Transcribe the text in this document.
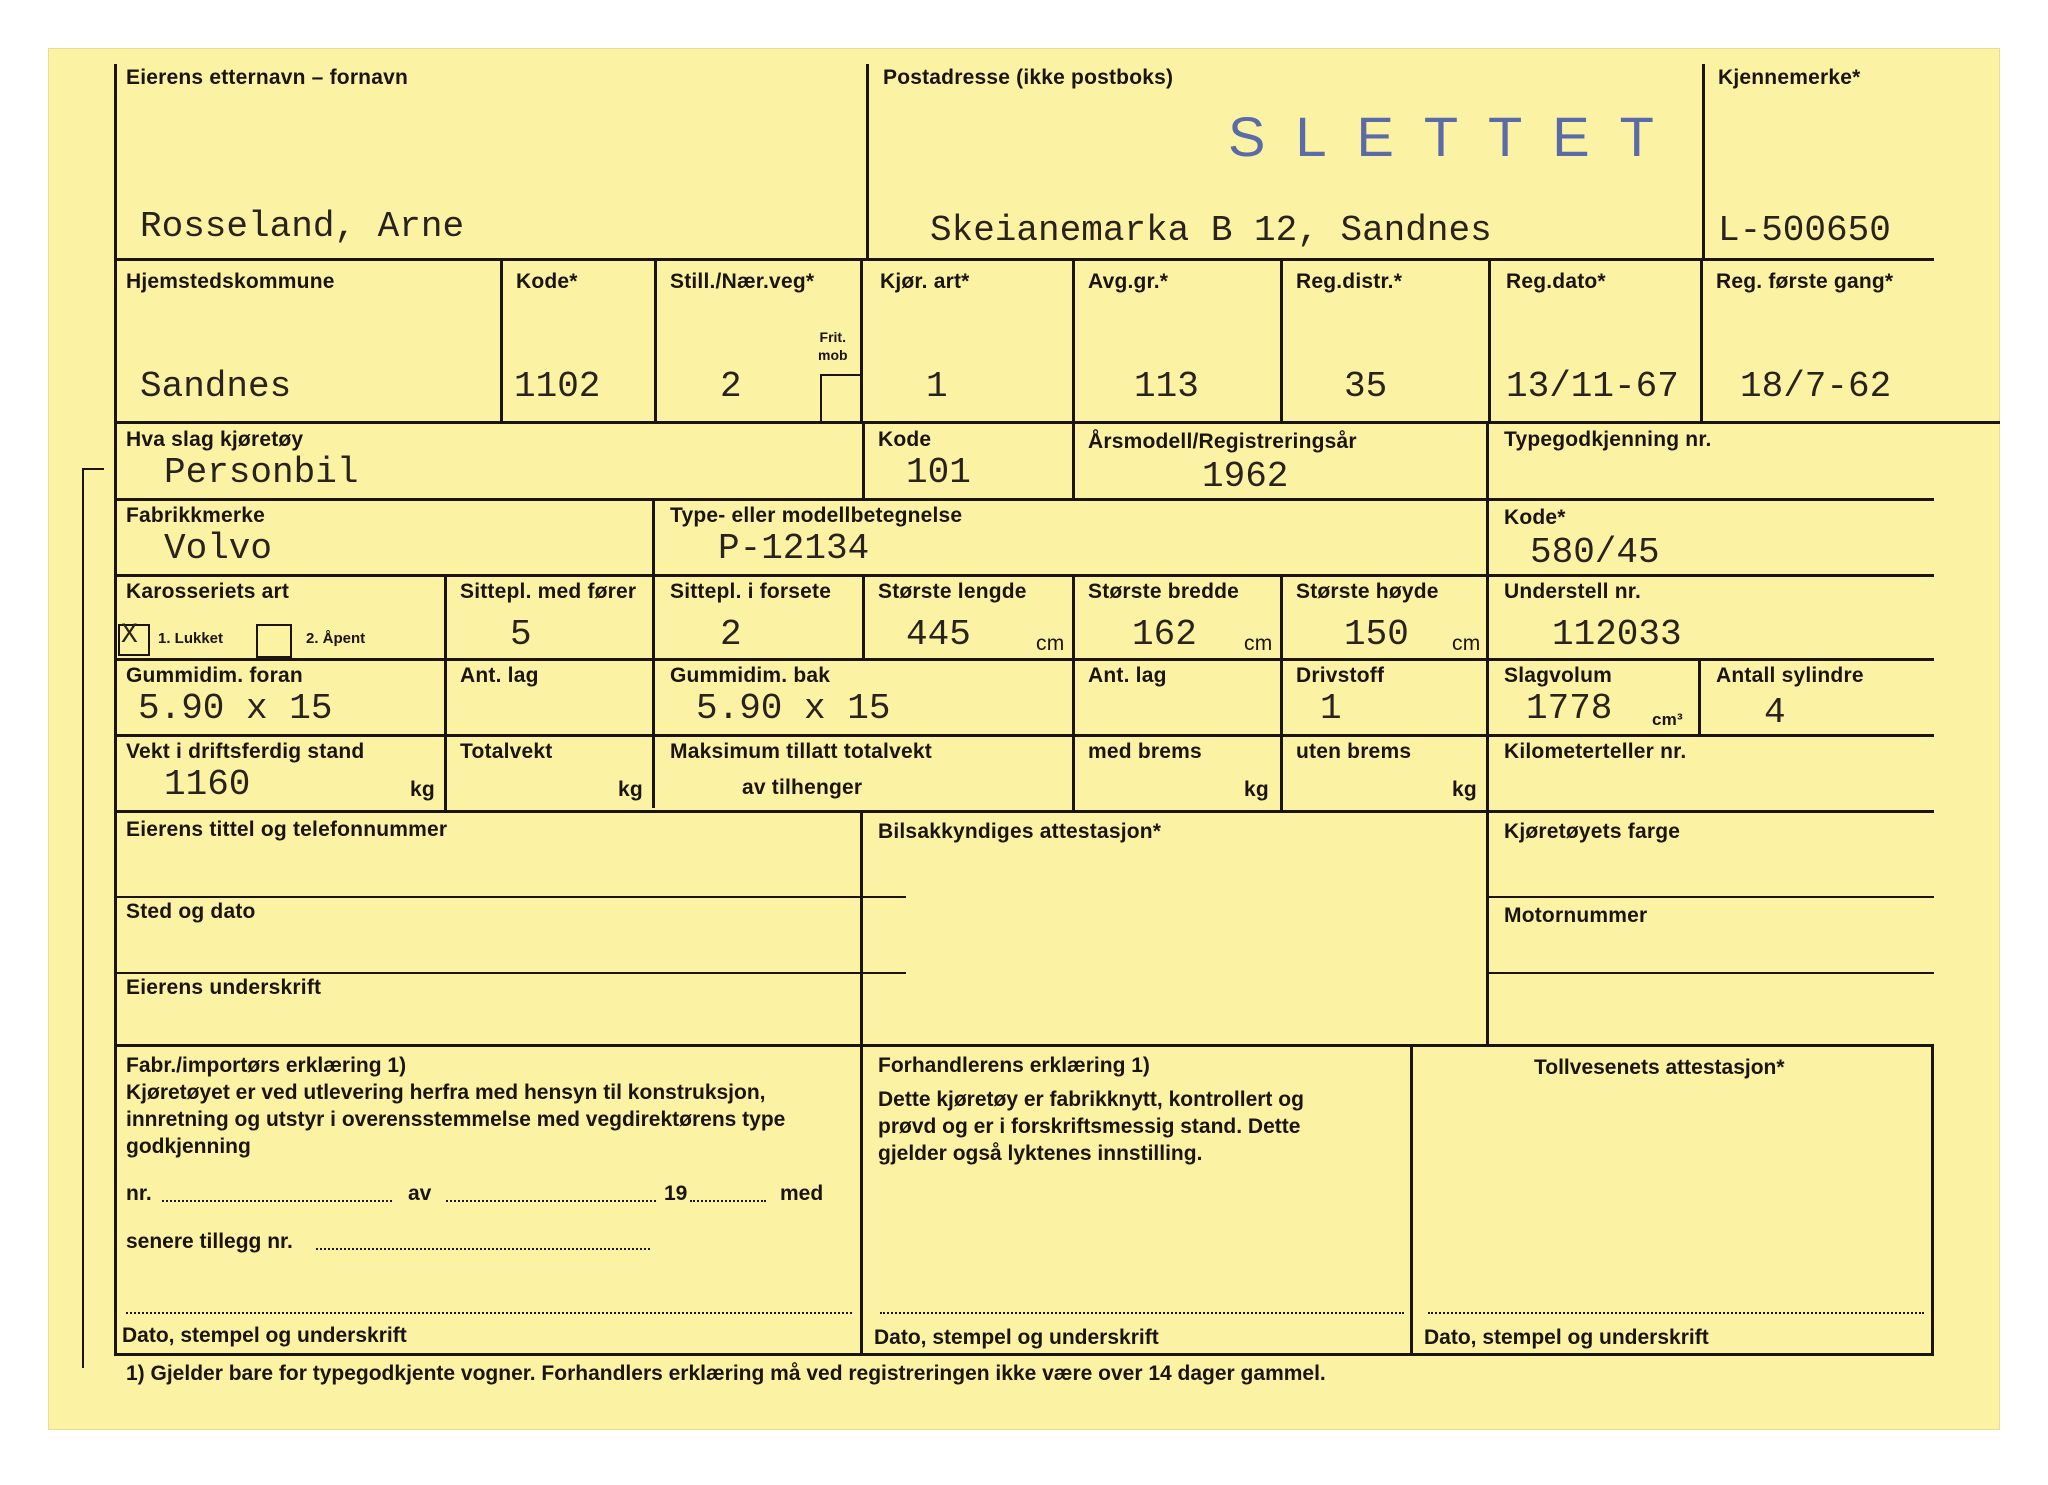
Eierens etternavn – fornavn
Rosseland, Arne
Postadresse (ikke postboks)
SLETTET
Skeianemarka B 12, Sandnes
Kjennemerke*
L-500650
Hjemstedskommune
Sandnes
Kode*
1102
Still./Nær.veg*
Frit.
mob
2
Kjør. art*
1
Avg.gr.*
113
Reg.distr.*
35
Reg.dato*
13/11-67
Reg. første gang*
18/7-62
Hva slag kjøretøy
Personbil
Kode
101
Årsmodell/Registreringsår
1962
Typegodkjenning nr.
Fabrikkmerke
Volvo
Type- eller modellbetegnelse
P-12134
Kode*
580/45
Karosseriets art
X 1. Lukket	2. Åpent
Sittepl. med fører
5
Sittepl. i forsete
2
Største lengde
445	cm
Største bredde
162 cm
Største høyde
150 cm
Understell nr.
112033
Gummidim. foran
5.90 x 15
Ant. lag	Gummidim. bak
5.90 x 15
Ant. lag	Drivstoff
1
Slagvolum
1778 cm³
Antall sylindre
4
Vekt i driftsferdig stand
1160	kg
Totalvekt
kg
Maksimum tillatt totalvekt
av tilhenger
med brems
kg
uten brems
kg
Kilometerteller nr.
Eierens tittel og telefonnummer
Sted og dato
Eierens underskrift
Bilsakkyndiges attestasjon*	Kjøretøyets farge
Motornummer
Fabr./importørs erklæring 1)
Kjøretøyet er ved utlevering herfra med hensyn til konstruksjon,
innretning og utstyr i overensstemmelse med vegdirektørens type
godkjenning
nr.	av	19	med
senere tillegg nr.
Dato, stempel og underskrift
Forhandlerens erklæring 1)
Dette kjøretøy er fabrikknytt, kontrollert og
prøvd og er i forskriftsmessig stand. Dette
gjelder også lyktenes innstilling.
Dato, stempel og underskrift
Tollvesenets attestasjon*
Dato, stempel og underskrift
1) Gjelder bare for typegodkjente vogner. Forhandlers erklæring må ved registreringen ikke være over 14 dager gammel.
